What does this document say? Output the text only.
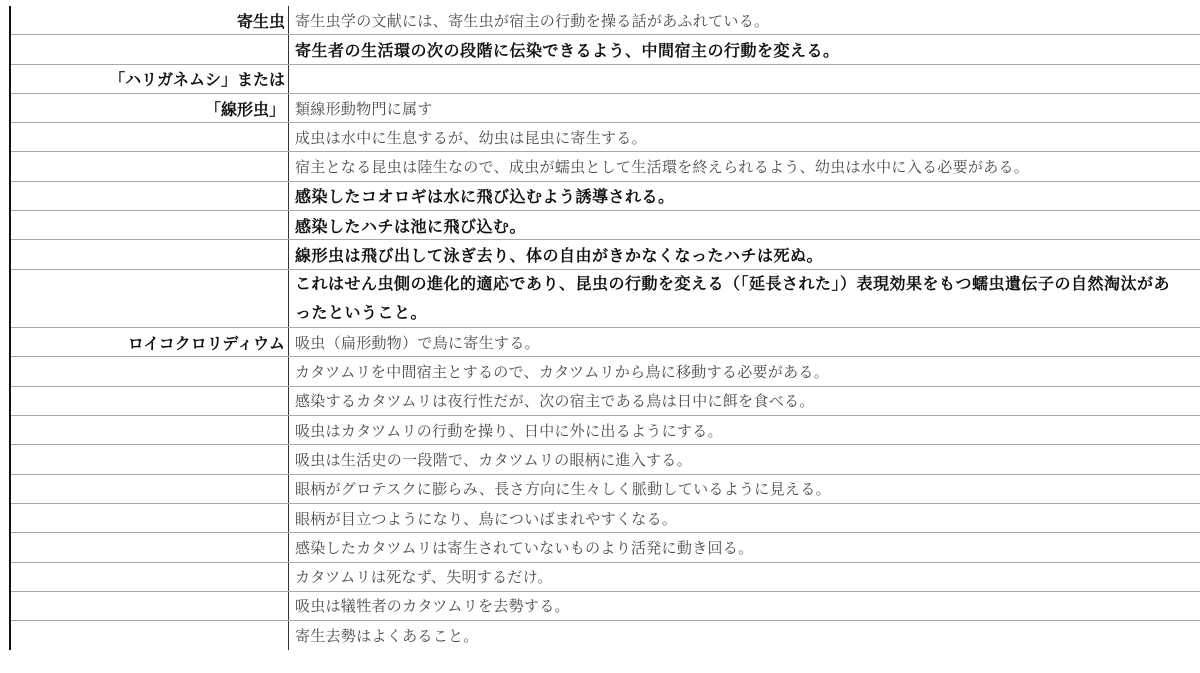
寄生虫 寄生虫学の文献には、寄生虫が宿主の行動を操る話があふれている。
寄生者の生活環の次の段階に伝染できるよう、中間宿主の行動を変える。
「ハリガネムシ」または
「線形虫」 類線形動物門に属す
成虫は水中に生息するが、幼虫は昆虫に寄生する。
宿主となる昆虫は陸生なので、成虫が蠕虫として生活環を終えられるよう、幼虫は水中に入る必要がある。
感染したコオロギは水に飛び込むよう誘導される。
感染したハチは池に飛び込む。
線形虫は飛び出して泳ぎ去り、体の自由がきかなくなったハチは死ぬ。
これはせん虫側の進化的適応であり、昆虫の行動を変える（「延長された」）表現効果をもつ蠕虫遺伝子の自然淘汰があったということ。
ロイコクロリディウム 吸虫（扁形動物）で鳥に寄生する。
カタツムリを中間宿主とするので、カタツムリから鳥に移動する必要がある。
感染するカタツムリは夜行性だが、次の宿主である鳥は日中に餌を食べる。
吸虫はカタツムリの行動を操り、日中に外に出るようにする。
吸虫は生活史の一段階で、カタツムリの眼柄に進入する。
眼柄がグロテスクに膨らみ、長さ方向に生々しく脈動しているように見える。
眼柄が目立つようになり、鳥についばまれやすくなる。
感染したカタツムリは寄生されていないものより活発に動き回る。
カタツムリは死なず、失明するだけ。
吸虫は犠牲者のカタツムリを去勢する。
寄生去勢はよくあること。
